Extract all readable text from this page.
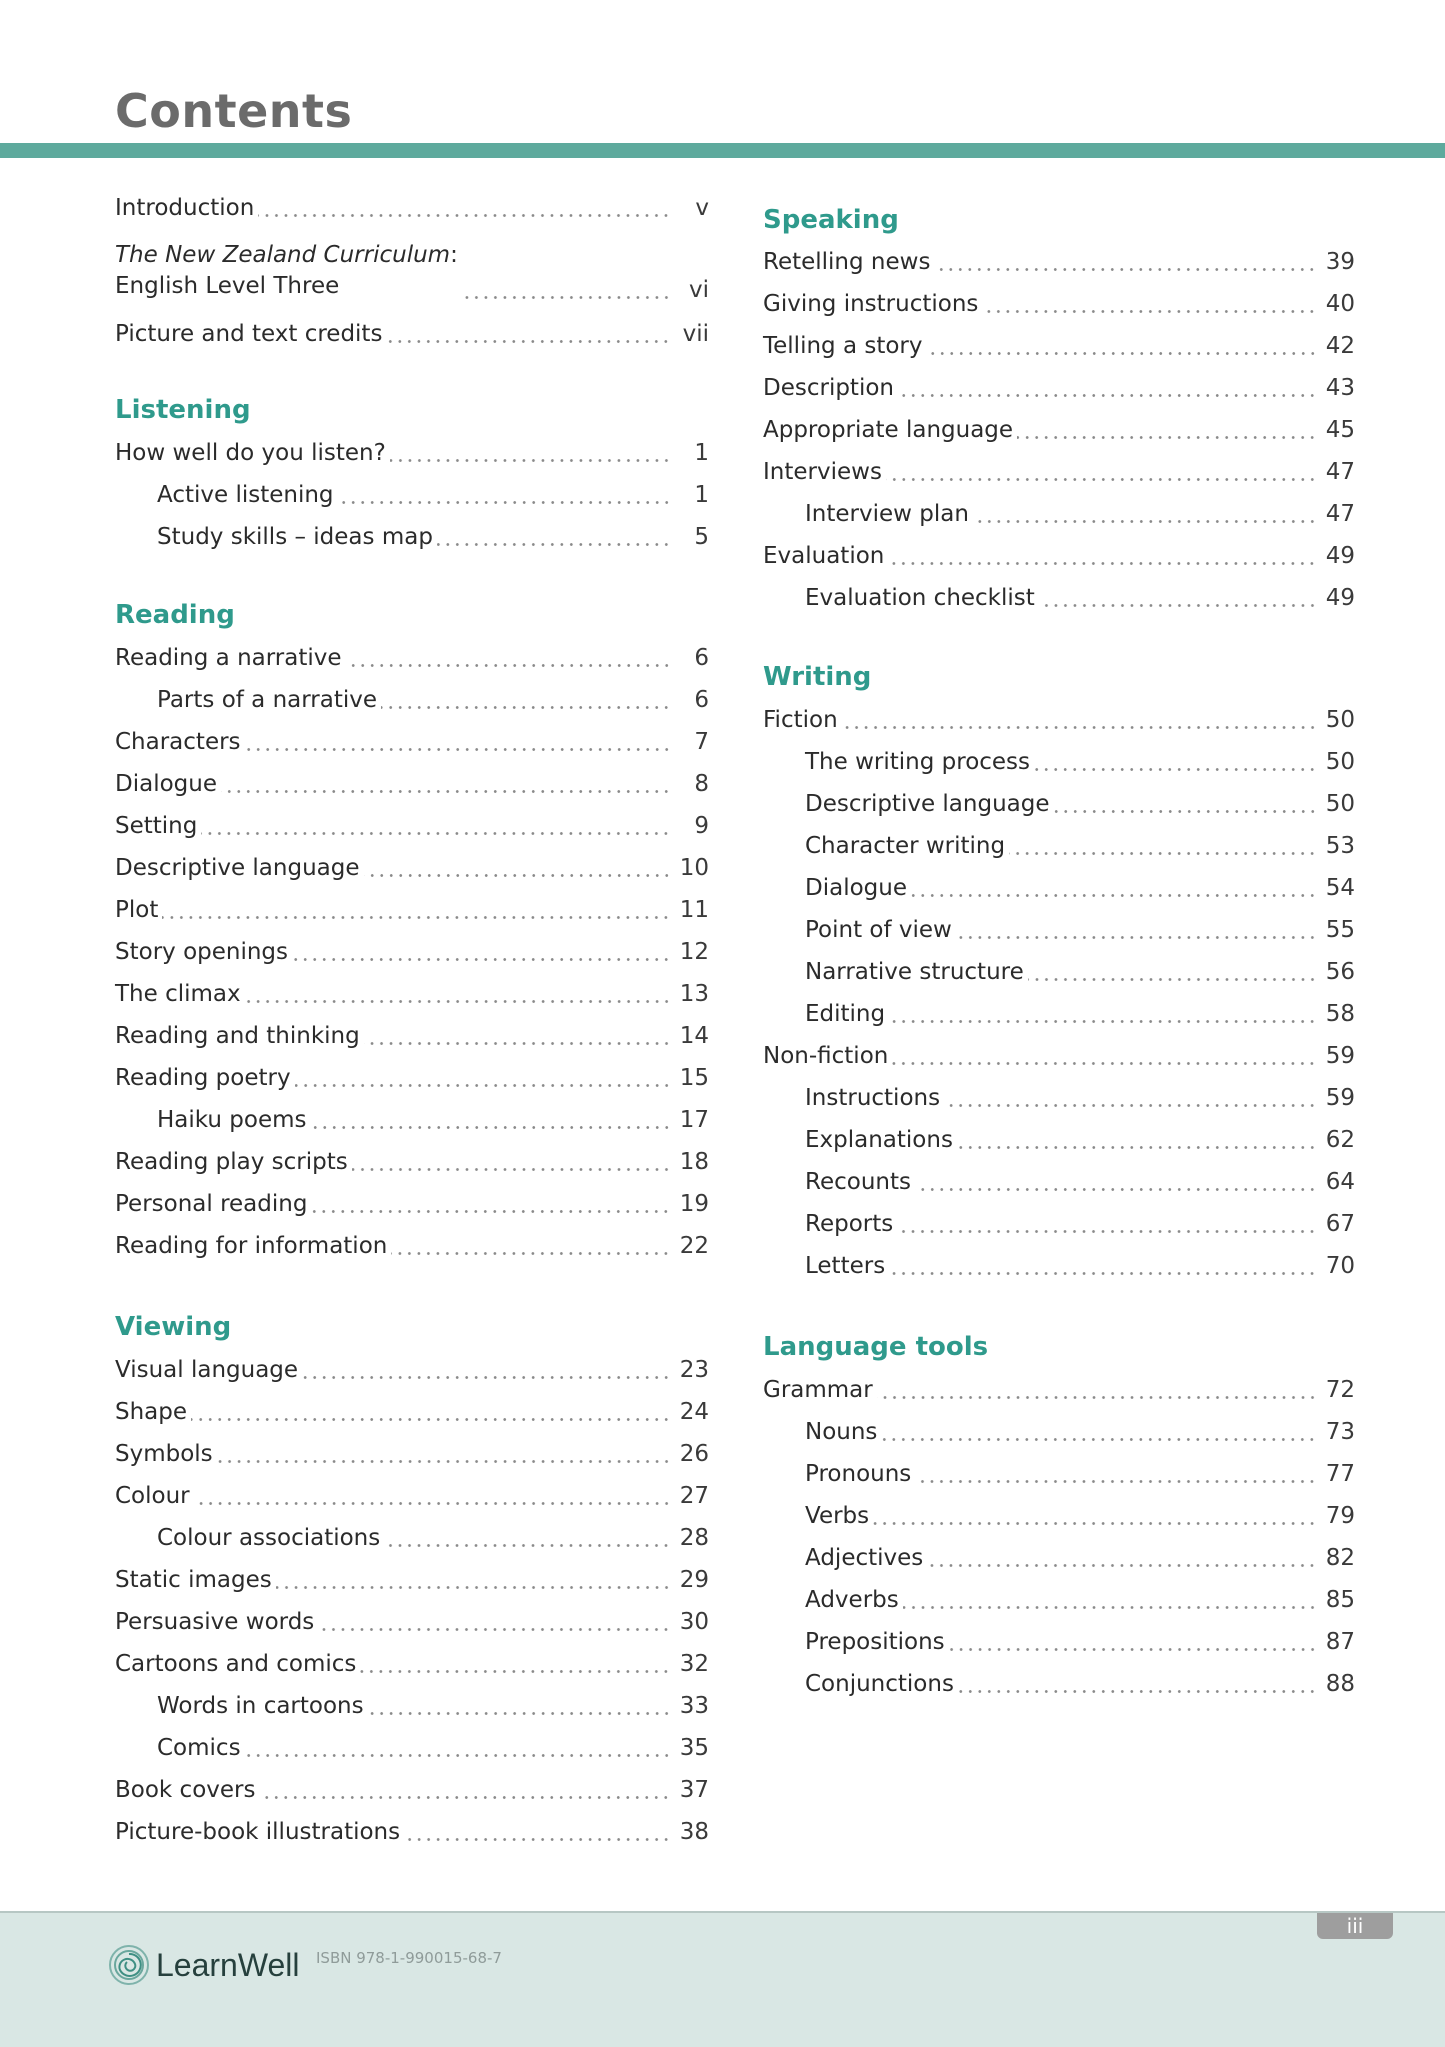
Contents
Introduction	v
The New Zealand Curriculum:
English Level Three	vi
Picture and text credits	vii
Listening
How well do you listen?	1
Active listening	1
Study skills – ideas map	5
Reading
Reading a narrative	6
Parts of a narrative	6
Characters	7
Dialogue	8
Setting	9
Descriptive language	10
Plot	11
Story openings	12
The climax	13
Reading and thinking	14
Reading poetry	15
Haiku poems	17
Reading play scripts	18
Personal reading	19
Reading for information	22
Viewing
Visual language	23
Shape	24
Symbols	26
Colour	27
Colour associations	28
Static images	29
Persuasive words	30
Cartoons and comics	32
Words in cartoons	33
Comics	35
Book covers	37
Picture-book illustrations	38
Speaking
Retelling news	39
Giving instructions	40
Telling a story	42
Description	43
Appropriate language	45
Interviews	47
Interview plan	47
Evaluation	49
Evaluation checklist	49
Writing
Fiction	50
The writing process	50
Descriptive language	50
Character writing	53
Dialogue	54
Point of view	55
Narrative structure	56
Editing	58
Non-fiction	59
Instructions	59
Explanations	62
Recounts	64
Reports	67
Letters	70
Language tools
Grammar	72
Nouns	73
Pronouns	77
Verbs	79
Adjectives	82
Adverbs	85
Prepositions	87
Conjunctions	88
iii
LearnWell ISBN 978-1-990015-68-7
